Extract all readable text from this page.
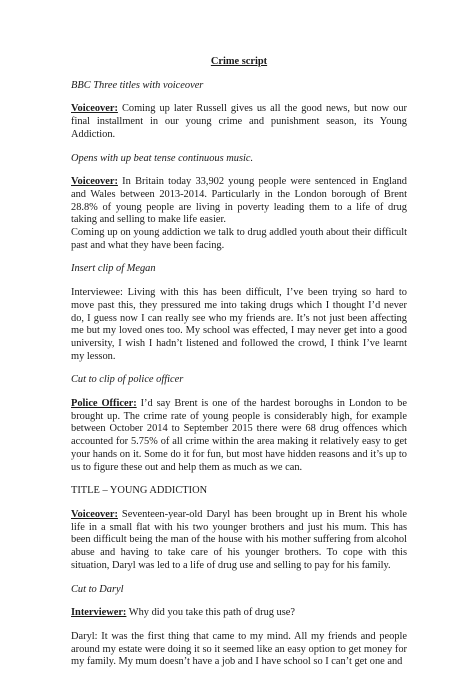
Crime script

BBC Three titles with voiceover

Voiceover: Coming up later Russell gives us all the good news, but now our final installment in our young crime and punishment season, its Young Addiction.

Opens with up beat tense continuous music.

Voiceover: In Britain today 33,902 young people were sentenced in England and Wales between 2013-2014. Particularly in the London borough of Brent 28.8% of young people are living in poverty leading them to a life of drug taking and selling to make life easier.

Coming up on young addiction we talk to drug addled youth about their difficult past and what they have been facing.

Insert clip of Megan

Interviewee: Living with this has been difficult, I’ve been trying so hard to move past this, they pressured me into taking drugs which I thought I’d never do, I guess now I can really see who my friends are. It’s not just been affecting me but my loved ones too. My school was effected, I may never get into a good university, I wish I hadn’t listened and followed the crowd, I think I’ve learnt my lesson.

Cut to clip of police officer

Police Officer: I’d say Brent is one of the hardest boroughs in London to be brought up. The crime rate of young people is considerably high, for example between October 2014 to September 2015 there were 68 drug offences which accounted for 5.75% of all crime within the area making it relatively easy to get your hands on it. Some do it for fun, but most have hidden reasons and it’s up to us to figure these out and help them as much as we can.

TITLE – YOUNG ADDICTION

Voiceover: Seventeen-year-old Daryl has been brought up in Brent his whole life in a small flat with his two younger brothers and just his mum. This has been difficult being the man of the house with his mother suffering from alcohol abuse and having to take care of his younger brothers. To cope with this situation, Daryl was led to a life of drug use and selling to pay for his family.

Cut to Daryl

Interviewer: Why did you take this path of drug use?

Daryl: It was the first thing that came to my mind. All my friends and people around my estate were doing it so it seemed like an easy option to get money for my family. My mum doesn’t have a job and I have school so I can’t get one and
